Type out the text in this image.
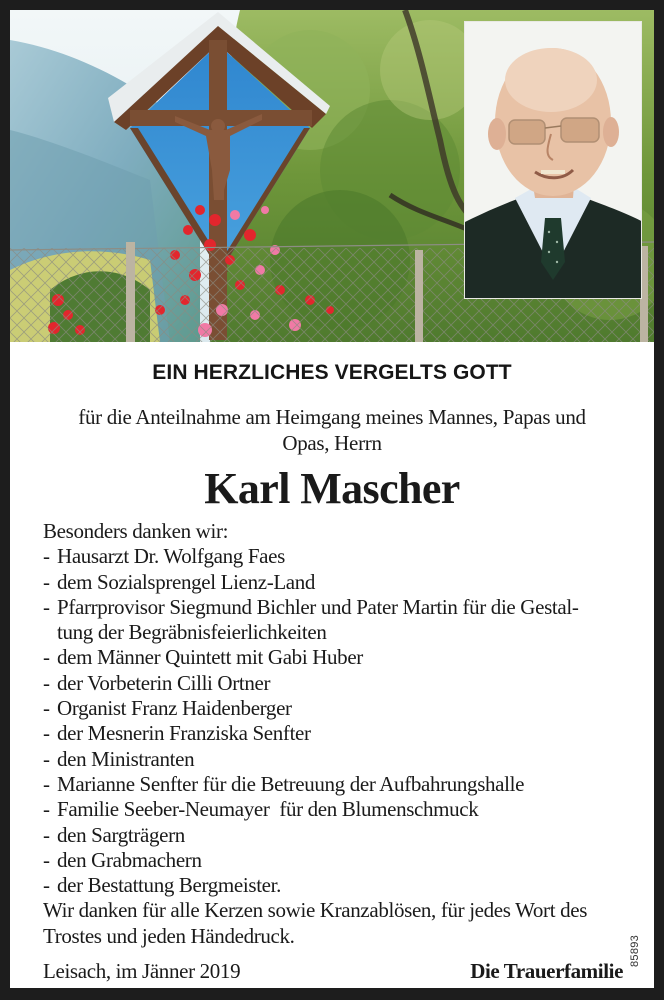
EIN HERZLICHES VERGELTS GOTT
für die Anteilnahme am Heimgang meines Mannes, Papas und
Opas, Herrn
Karl Mascher
Besonders danken wir:
- Hausarzt Dr. Wolfgang Faes
- dem Sozialsprengel Lienz-Land
- Pfarrprovisor Siegmund Bichler und Pater Martin für die Gestal-
tung der Begräbnisfeierlichkeiten
- dem Männer Quintett mit Gabi Huber
- der Vorbeterin Cilli Ortner
- Organist Franz Haidenberger
- der Mesnerin Franziska Senfter
- den Ministranten
- Marianne Senfter für die Betreuung der Aufbahrungshalle
- Familie Seeber-Neumayer  für den Blumenschmuck
- den Sargträgern
- den Grabmachern
- der Bestattung Bergmeister.
Wir danken für alle Kerzen sowie Kranzablösen, für jedes Wort des
Trostes und jeden Händedruck.
Leisach, im Jänner 2019	Die Trauerfamilie
85893
